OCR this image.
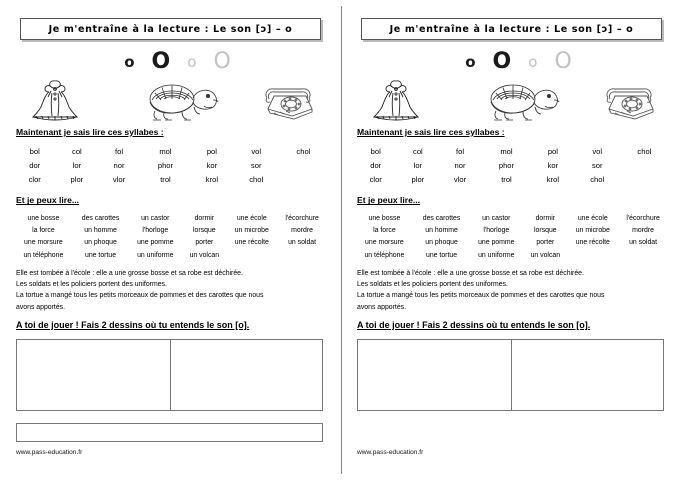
Je m'entraîne à la lecture : Le son [ɔ] – o
o O o O
Maintenant je sais lire ces syllabes :
bol	col	fol	mol	pol	vol	chol
dor	lor	nor	phor	kor	sor	
clor	plor	vlor	trol	krol	chol	
Et je peux lire...
une bosse	des carottes	un castor	dormir	une école	l'écorchure
la force	un homme	l'horloge	lorsque	un microbe	mordre
une morsure	un phoque	une pomme	porter	une récolte	un soldat
un téléphone	une tortue	un uniforme	un volcan		
Elle est tombée à l'école : elle a une grosse bosse et sa robe est déchirée.
Les soldats et les policiers portent des uniformes.
La tortue a mangé tous les petits morceaux de pommes et des carottes que nous
avons apportés.
A toi de jouer ! Fais 2 dessins où tu entends le son [o].
www.pass-education.fr
Je m'entraîne à la lecture : Le son [ɔ] – o
o O o O
Maintenant je sais lire ces syllabes :
bol	col	fol	mol	pol	vol	chol
dor	lor	nor	phor	kor	sor	
clor	plor	vlor	trol	krol	chol	
Et je peux lire...
une bosse	des carottes	un castor	dormir	une école	l'écorchure
la force	un homme	l'horloge	lorsque	un microbe	mordre
une morsure	un phoque	une pomme	porter	une récolte	un soldat
un téléphone	une tortue	un uniforme	un volcan		
Elle est tombée à l'école : elle a une grosse bosse et sa robe est déchirée.
Les soldats et les policiers portent des uniformes.
La tortue a mangé tous les petits morceaux de pommes et des carottes que nous
avons apportés.
A toi de jouer ! Fais 2 dessins où tu entends le son [o].
www.pass-education.fr
